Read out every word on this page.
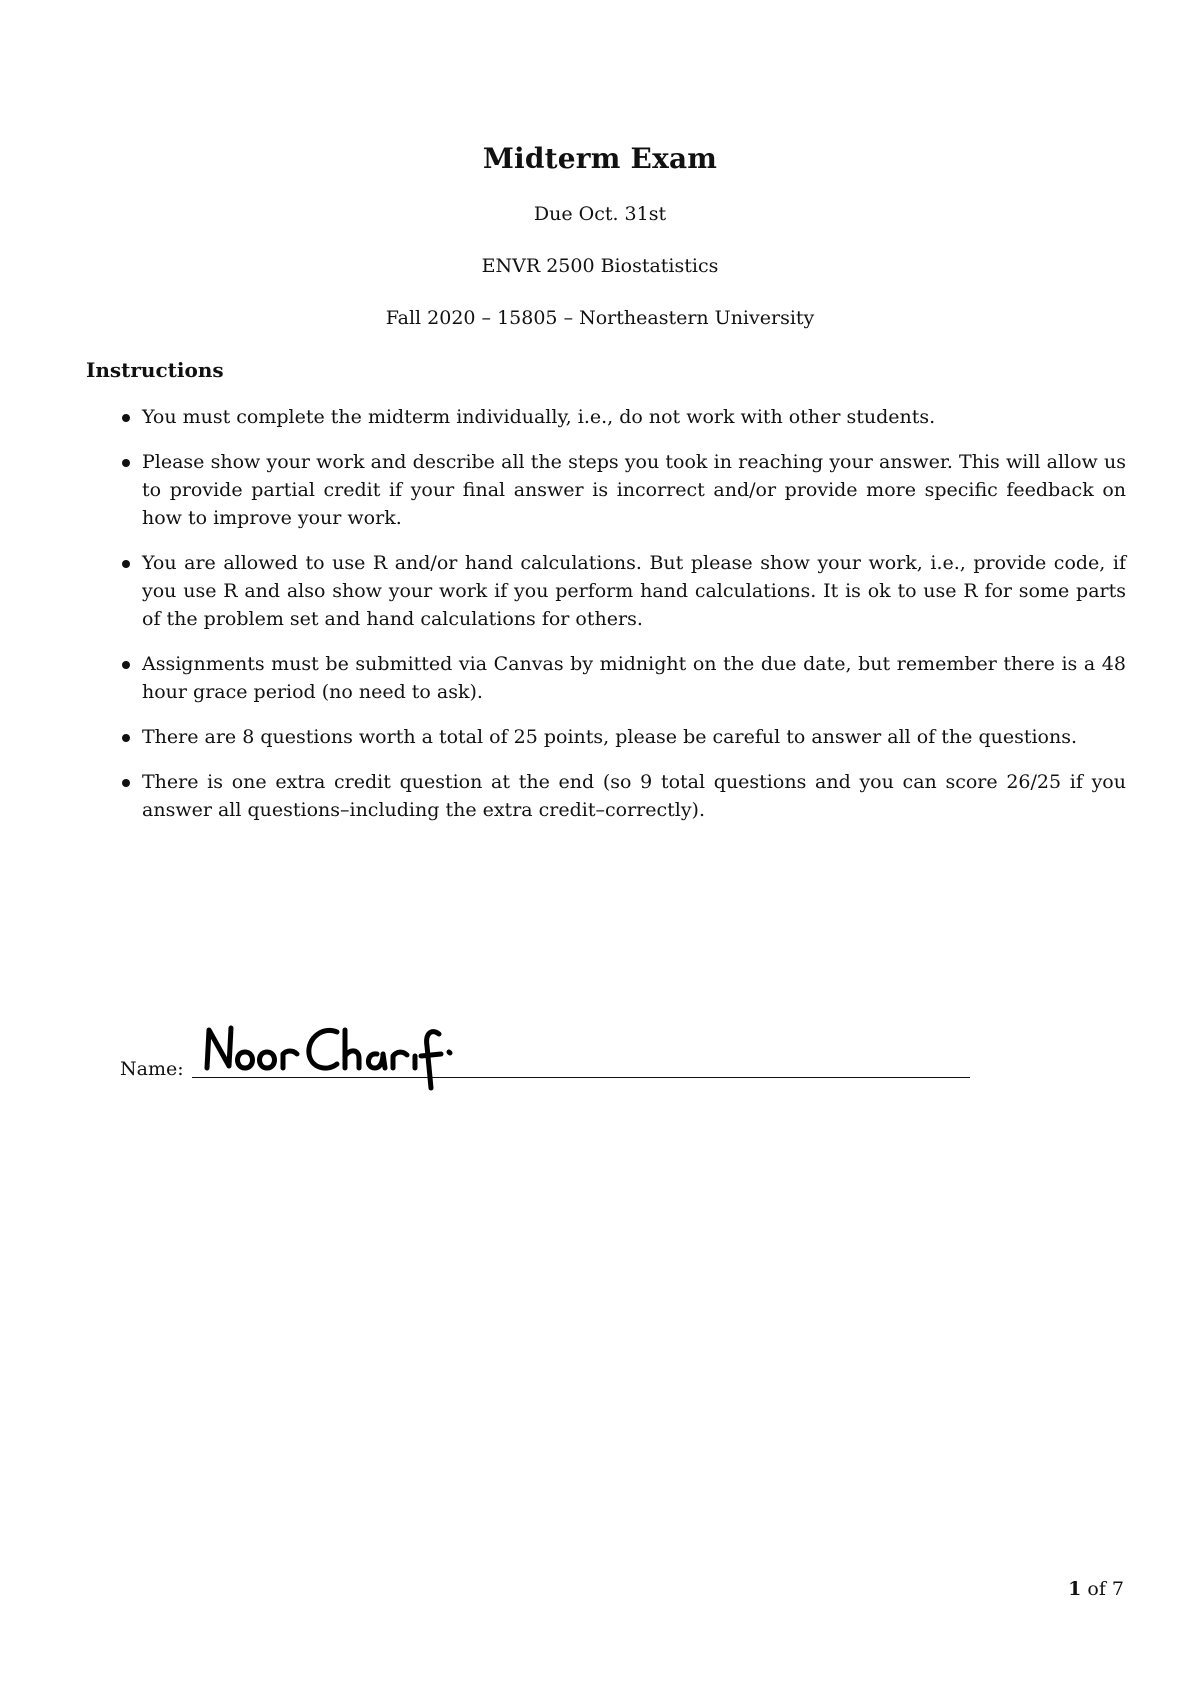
Midterm Exam
Due Oct. 31st
ENVR 2500 Biostatistics
Fall 2020 – 15805 – Northeastern University
Instructions
You must complete the midterm individually, i.e., do not work with other students.
Please show your work and describe all the steps you took in reaching your answer. This will allow us to provide partial credit if your final answer is incorrect and/or provide more specific feedback on how to improve your work.
You are allowed to use R and/or hand calculations. But please show your work, i.e., provide code, if you use R and also show your work if you perform hand calculations. It is ok to use R for some parts of the problem set and hand calculations for others.
Assignments must be submitted via Canvas by midnight on the due date, but remember there is a 48 hour grace period (no need to ask).
There are 8 questions worth a total of 25 points, please be careful to answer all of the questions.
There is one extra credit question at the end (so 9 total questions and you can score 26/25 if you answer all questions–including the extra credit–correctly).
Name:
1 of 7
